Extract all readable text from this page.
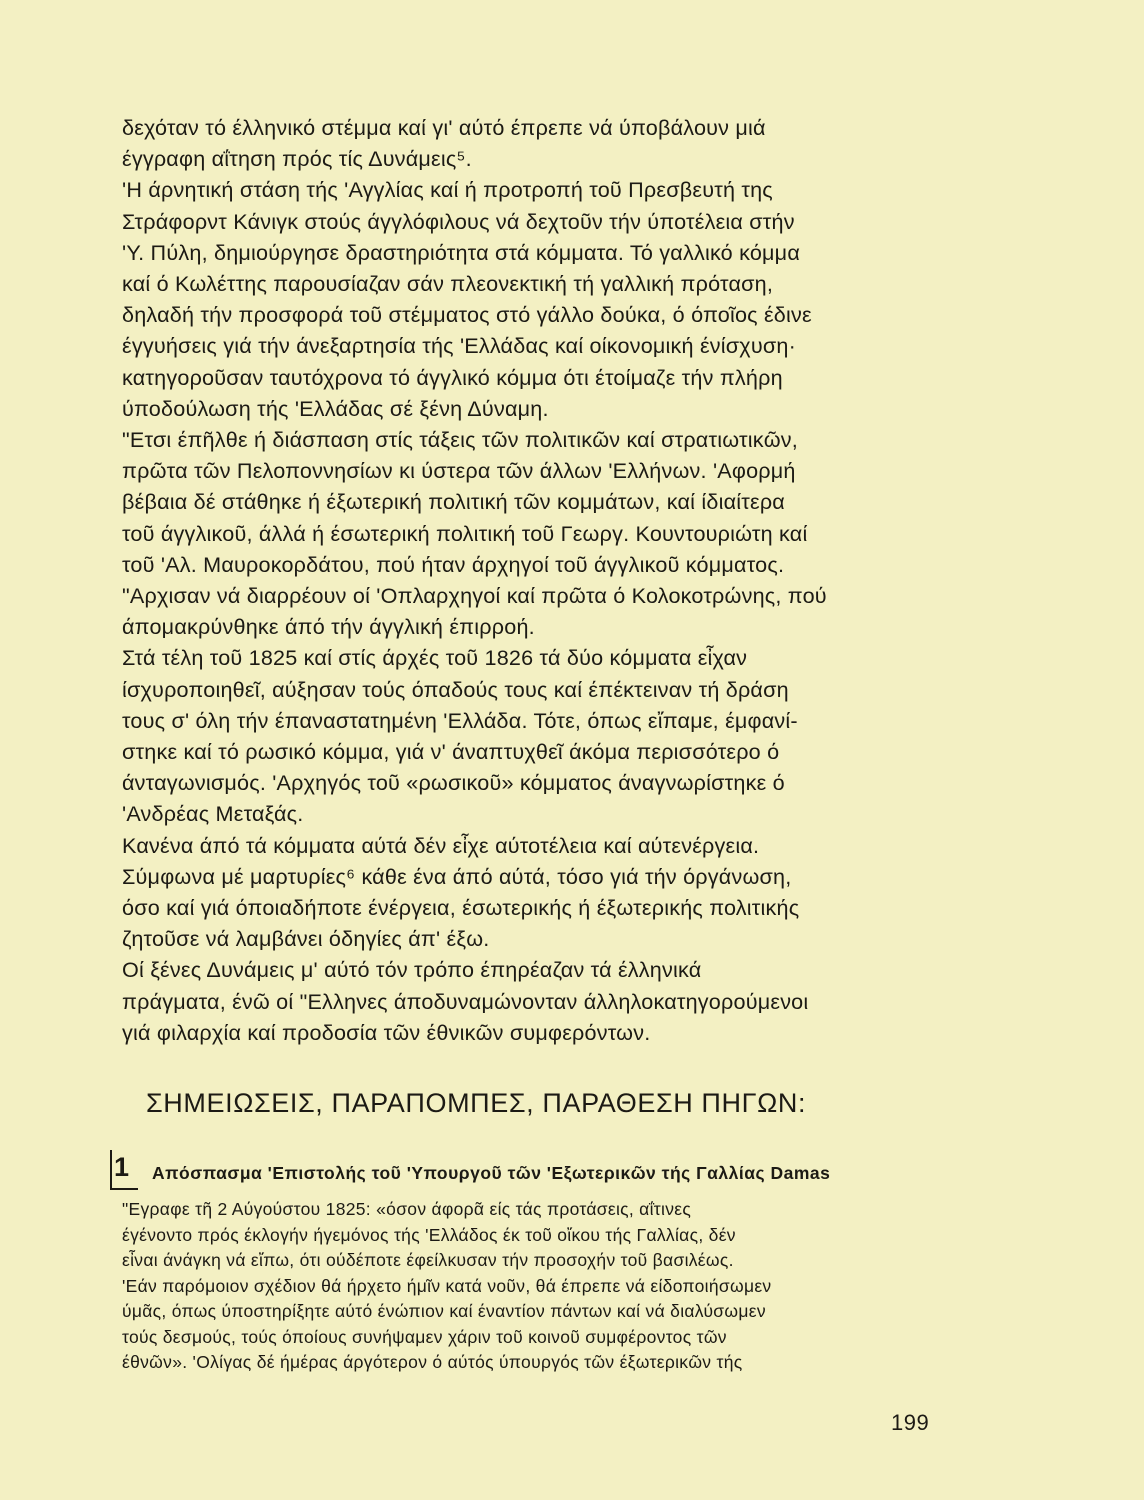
δεχόταν τό έλληνικό στέμμα καί γι' αύτό έπρεπε νά ύποβάλουν μιά
έγγραφη αΐτηση πρός τίς Δυνάμεις⁵.
'Η άρνητική στάση τής 'Αγγλίας καί ή προτροπή τοῦ Πρεσβευτή της
Στράφορντ Κάνιγκ στούς άγγλόφιλους νά δεχτοῦν τήν ύποτέλεια στήν
'Υ. Πύλη, δημιούργησε δραστηριότητα στά κόμματα. Τό γαλλικό κόμμα
καί ό Κωλέττης παρουσίαζαν σάν πλεονεκτική τή γαλλική πρόταση,
δηλαδή τήν προσφορά τοῦ στέμματος στό γάλλο δούκα, ό όποῖος έδινε
έγγυήσεις γιά τήν άνεξαρτησία τής 'Ελλάδας καί οίκονομική ένίσχυση·
κατηγοροῦσαν ταυτόχρονα τό άγγλικό κόμμα ότι έτοίμαζε τήν πλήρη
ύποδούλωση τής 'Ελλάδας σέ ξένη Δύναμη.
"Ετσι έπῆλθε ή διάσπαση στίς τάξεις τῶν πολιτικῶν καί στρατιωτικῶν,
πρῶτα τῶν Πελοποννησίων κι ύστερα τῶν άλλων 'Ελλήνων. 'Αφορμή
βέβαια δέ στάθηκε ή έξωτερική πολιτική τῶν κομμάτων, καί ίδιαίτερα
τοῦ άγγλικοῦ, άλλά ή έσωτερική πολιτική τοῦ Γεωργ. Κουντουριώτη καί
τοῦ 'Αλ. Μαυροκορδάτου, πού ήταν άρχηγοί τοῦ άγγλικοῦ κόμματος.
"Αρχισαν νά διαρρέουν οί 'Οπλαρχηγοί καί πρῶτα ό Κολοκοτρώνης, πού
άπομακρύνθηκε άπό τήν άγγλική έπιρροή.
Στά τέλη τοῦ 1825 καί στίς άρχές τοῦ 1826 τά δύο κόμματα εἶχαν
ίσχυροποιηθεῖ, αύξησαν τούς όπαδούς τους καί έπέκτειναν τή δράση
τους σ' όλη τήν έπαναστατημένη 'Ελλάδα. Τότε, όπως εἴπαμε, έμφανί-
στηκε καί τό ρωσικό κόμμα, γιά ν' άναπτυχθεῖ άκόμα περισσότερο ό
άνταγωνισμός. 'Αρχηγός τοῦ «ρωσικοῦ» κόμματος άναγνωρίστηκε ό
'Ανδρέας Μεταξάς.
Κανένα άπό τά κόμματα αύτά δέν εἶχε αύτοτέλεια καί αύτενέργεια.
Σύμφωνα μέ μαρτυρίες⁶ κάθε ένα άπό αύτά, τόσο γιά τήν όργάνωση,
όσο καί γιά όποιαδήποτε ένέργεια, έσωτερικής ή έξωτερικής πολιτικής
ζητοῦσε νά λαμβάνει όδηγίες άπ' έξω.
Οί ξένες Δυνάμεις μ' αύτό τόν τρόπο έπηρέαζαν τά έλληνικά
πράγματα, ένῶ οί "Ελληνες άποδυναμώνονταν άλληλοκατηγορούμενοι
γιά φιλαρχία καί προδοσία τῶν έθνικῶν συμφερόντων.
ΣΗΜΕΙΩΣΕΙΣ, ΠΑΡΑΠΟΜΠΕΣ, ΠΑΡΑΘΕΣΗ ΠΗΓΩΝ:
1 Απόσπασμα 'Επιστολής τοῦ 'Υπουργοῦ τῶν 'Εξωτερικῶν τής Γαλλίας Damas
"Εγραφε τῆ 2 Αύγούστου 1825: «όσον άφορᾶ είς τάς προτάσεις, αΐτινες
έγένοντο πρός έκλογήν ήγεμόνος τής 'Ελλάδος έκ τοῦ οἴκου τής Γαλλίας, δέν
εἶναι άνάγκη νά εἴπω, ότι ούδέποτε έφείλκυσαν τήν προσοχήν τοῦ βασιλέως.
'Εάν παρόμοιον σχέδιον θά ήρχετο ήμῖν κατά νοῦν, θά έπρεπε νά είδοποιήσωμεν
ύμᾶς, όπως ύποστηρίξητε αύτό ένώπιον καί έναντίον πάντων καί νά διαλύσωμεν
τούς δεσμούς, τούς όποίους συνήψαμεν χάριν τοῦ κοινοῦ συμφέροντος τῶν
έθνῶν». 'Ολίγας δέ ήμέρας άργότερον ό αύτός ύπουργός τῶν έξωτερικῶν τής
199
